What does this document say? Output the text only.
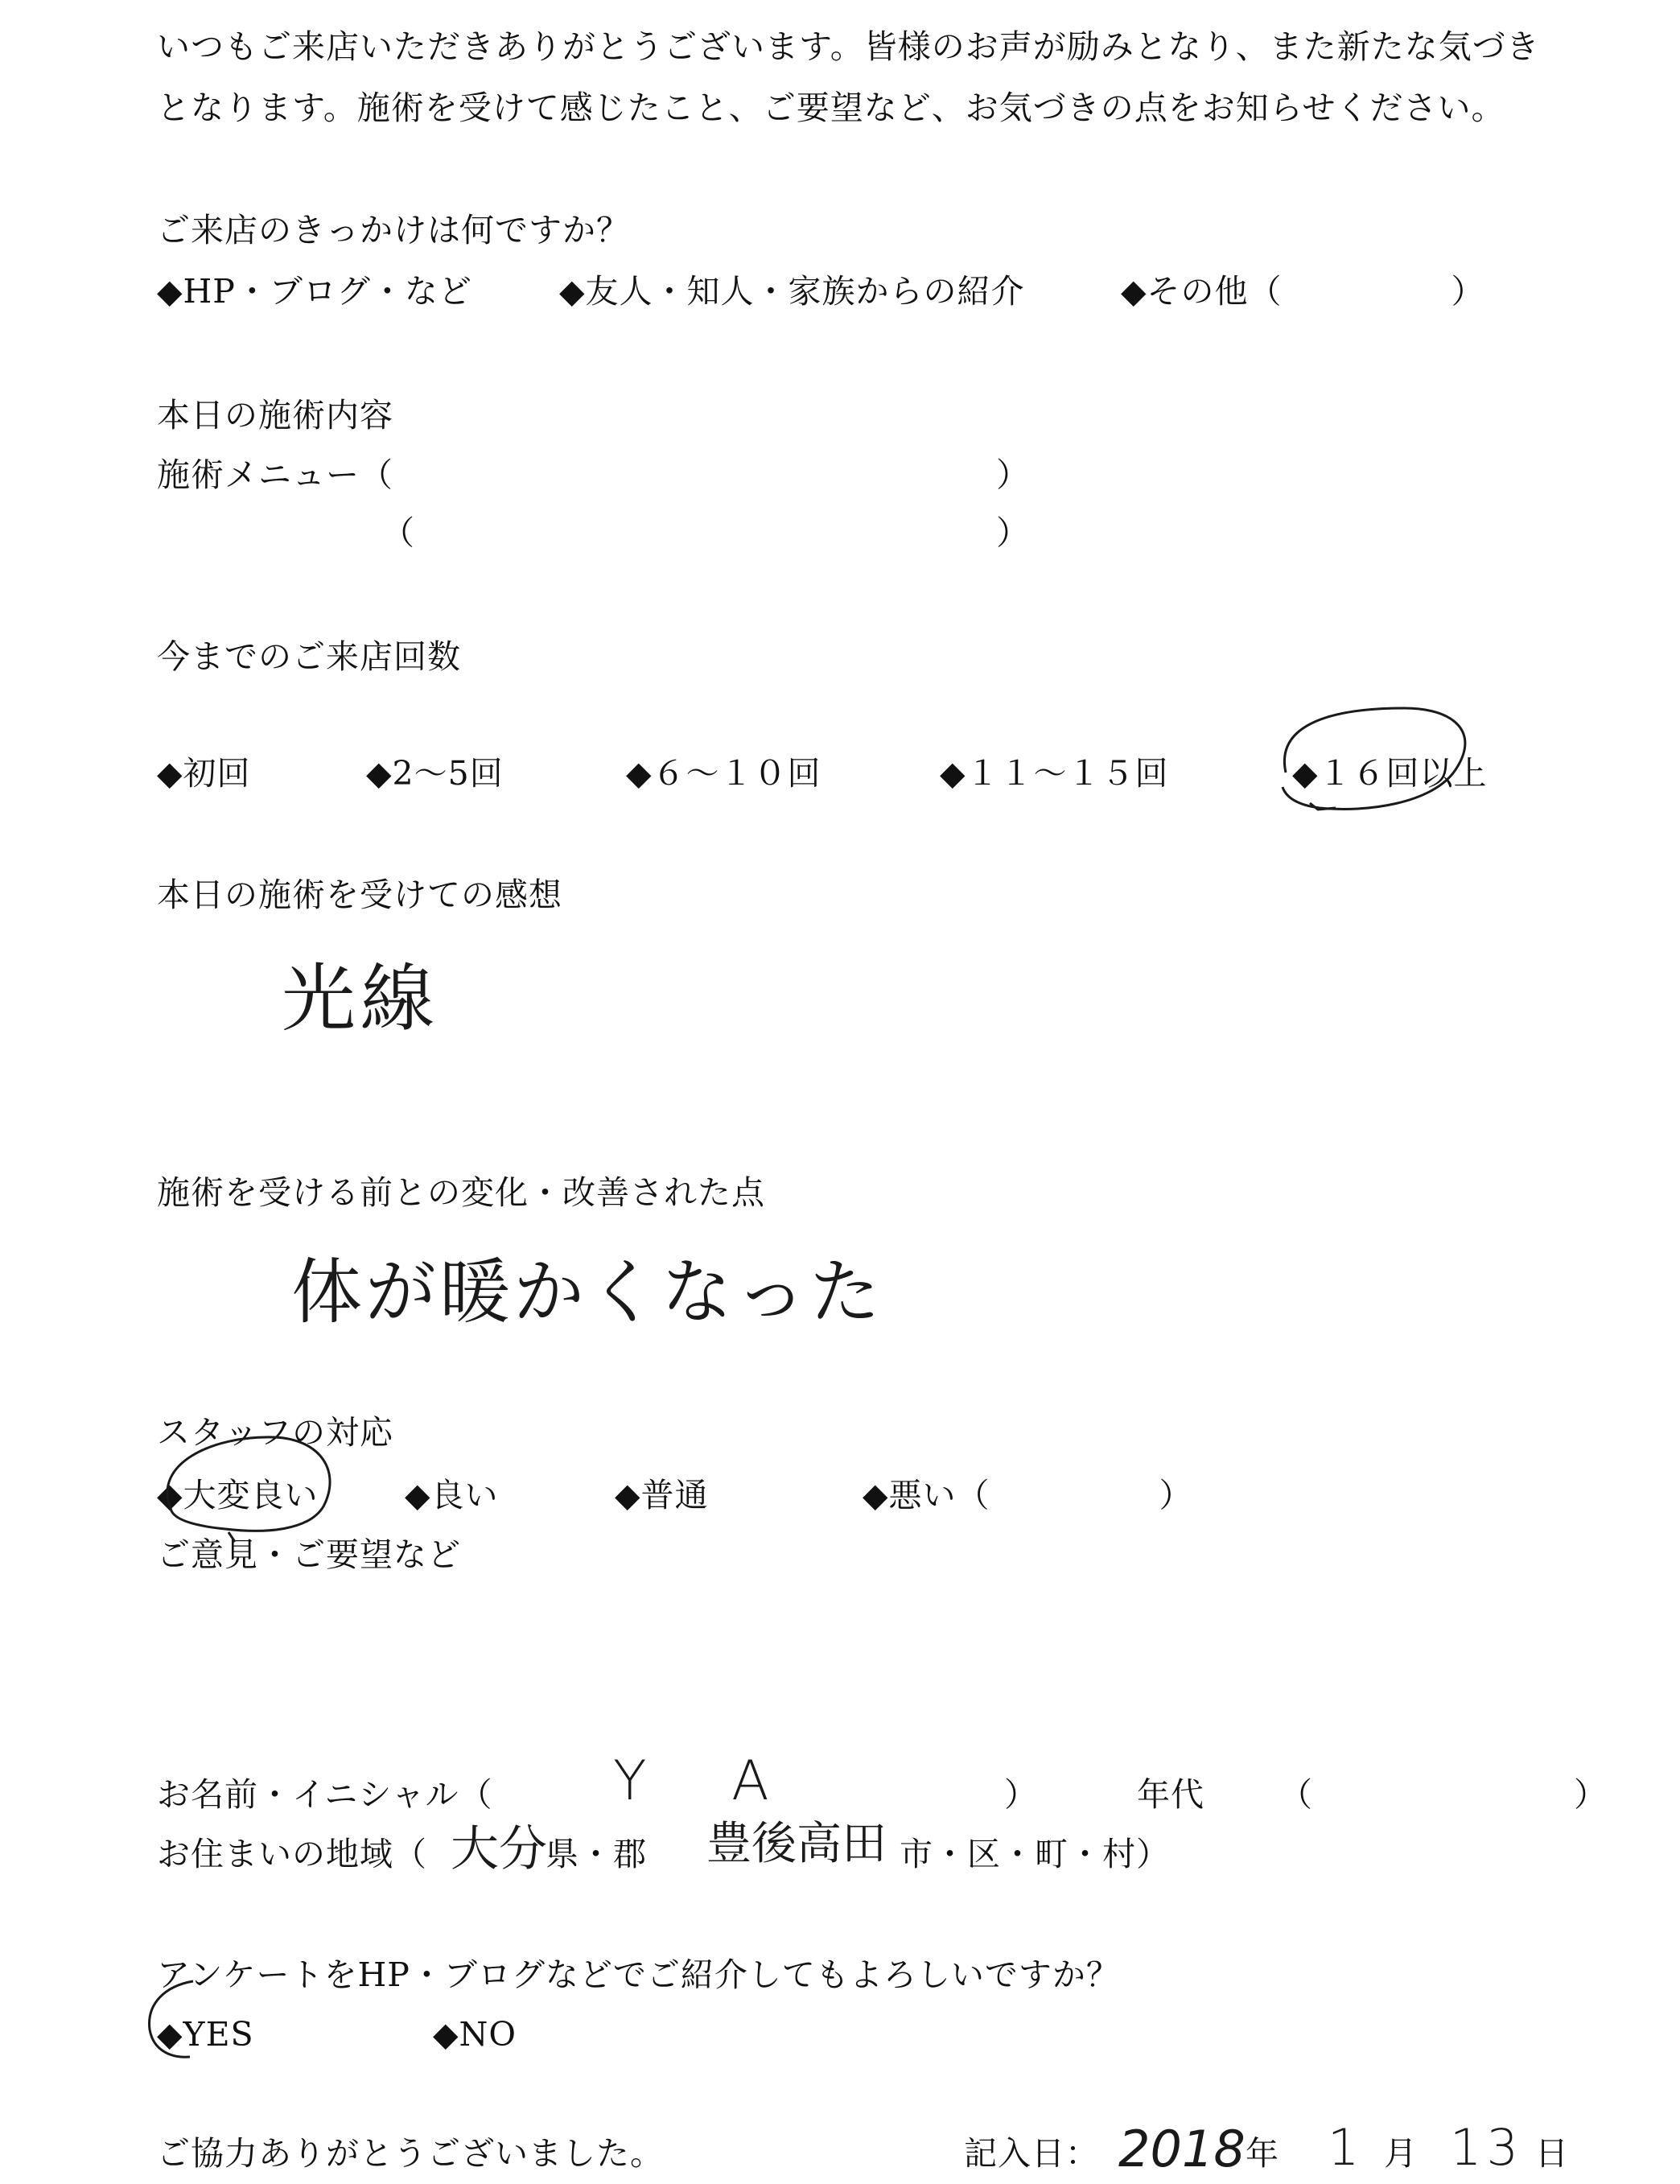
いつもご来店いただきありがとうございます。皆様のお声が励みとなり、また新たな気づき
となります。施術を受けて感じたこと、ご要望など、お気づきの点をお知らせください。
ご来店のきっかけは何ですか？
◆HP・ブログ・など	◆友人・知人・家族からの紹介	◆その他（　　　　　）
本日の施術内容
施術メニュー（	）
（	）
今までのご来店回数
◆初回	◆2～5回	◆６～１０回	◆１１～１５回	◆１６回以上
本日の施術を受けての感想
光線
施術を受ける前との変化・改善された点
体が暖かくなった
スタッフの対応
◆大変良い	◆良い	◆普通	◆悪い（　　　　　）
ご意見・ご要望など
お名前・イニシャル（ Y A	）	年代 （	）
お住まいの地域（ 大分
県・郡 豊後高田 市・区・町・村）
アンケートをHP・ブログなどでご紹介してもよろしいですか？
◆YES	◆NO
ご協力ありがとうございました。	記入日： 2018 年 1 月 13 日
